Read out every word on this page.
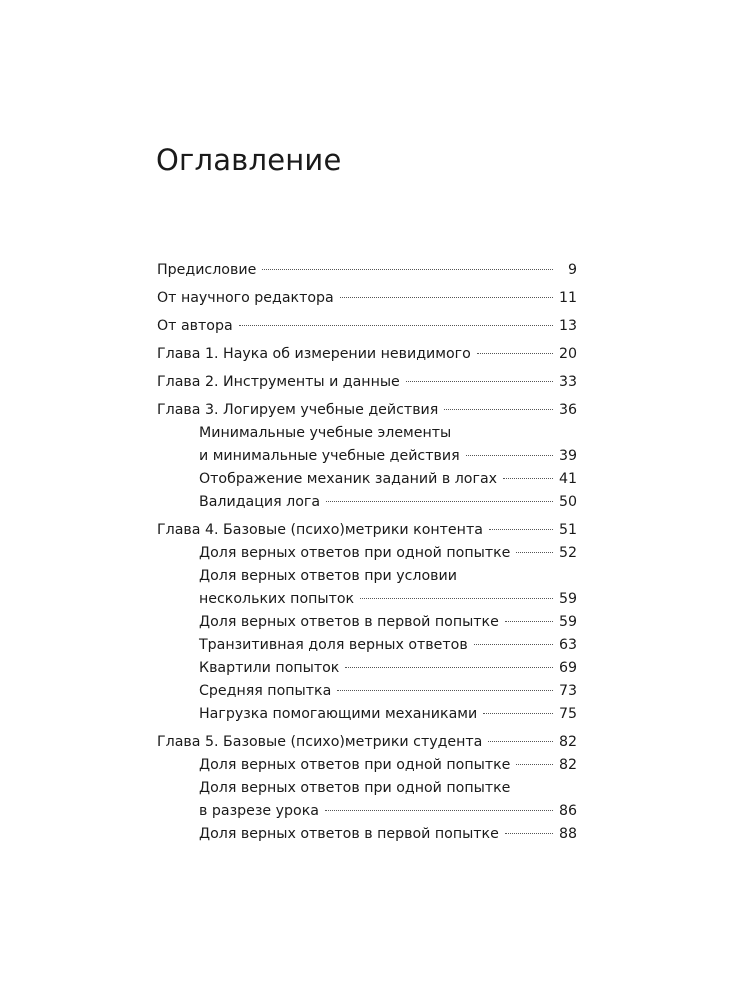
Оглавление
Предисловие	9
От научного редактора	11
От автора	13
Глава 1. Наука об измерении невидимого	20
Глава 2. Инструменты и данные	33
Глава 3. Логируем учебные действия	36
Минимальные учебные элементы
и минимальные учебные действия	39
Отображение механик заданий в логах	41
Валидация лога	50
Глава 4. Базовые (психо)метрики контента	51
Доля верных ответов при одной попытке	52
Доля верных ответов при условии
нескольких попыток	59
Доля верных ответов в первой попытке	59
Транзитивная доля верных ответов	63
Квартили попыток	69
Средняя попытка	73
Нагрузка помогающими механиками	75
Глава 5. Базовые (психо)метрики студента	82
Доля верных ответов при одной попытке	82
Доля верных ответов при одной попытке
в разрезе урока	86
Доля верных ответов в первой попытке	88
